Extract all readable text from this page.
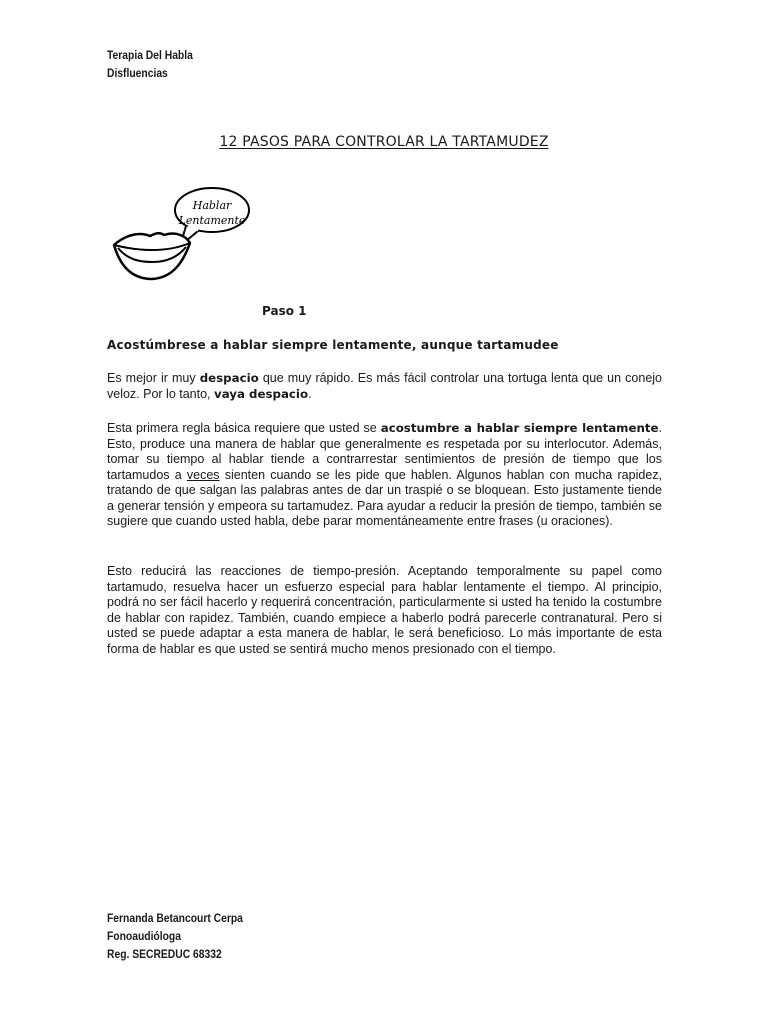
Terapia Del Habla
Disfluencias
12 PASOS PARA CONTROLAR LA TARTAMUDEZ
Hablar
Lentamente
Paso 1
Acostúmbrese a hablar siempre lentamente, aunque tartamudee

Es mejor ir muy despacio que muy rápido. Es más fácil controlar una tortuga lenta que un conejo veloz. Por lo tanto, vaya despacio.

Esta primera regla básica requiere que usted se acostumbre a hablar siempre lentamente. Esto, produce una manera de hablar que generalmente es respetada por su interlocutor. Además, tomar su tiempo al hablar tiende a contrarrestar sentimientos de presión de tiempo que los tartamudos a veces sienten cuando se les pide que hablen. Algunos hablan con mucha rapidez, tratando de que salgan las palabras antes de dar un traspié o se bloquean. Esto justamente tiende a generar tensión y empeora su tartamudez. Para ayudar a reducir la presión de tiempo, también se sugiere que cuando usted habla, debe parar momentáneamente entre frases (u oraciones).

Esto reducirá las reacciones de tiempo-presión. Aceptando temporalmente su papel como tartamudo, resuelva hacer un esfuerzo especial para hablar lentamente el tiempo. Al principio, podrá no ser fácil hacerlo y requerirá concentración, particularmente si usted ha tenido la costumbre de hablar con rapidez. También, cuando empiece a haberlo podrá parecerle contranatural. Pero si usted se puede adaptar a esta manera de hablar, le será beneficioso. Lo más importante de esta forma de hablar es que usted se sentirá mucho menos presionado con el tiempo.

Fernanda Betancourt Cerpa
Fonoaudióloga
Reg. SECREDUC 68332
